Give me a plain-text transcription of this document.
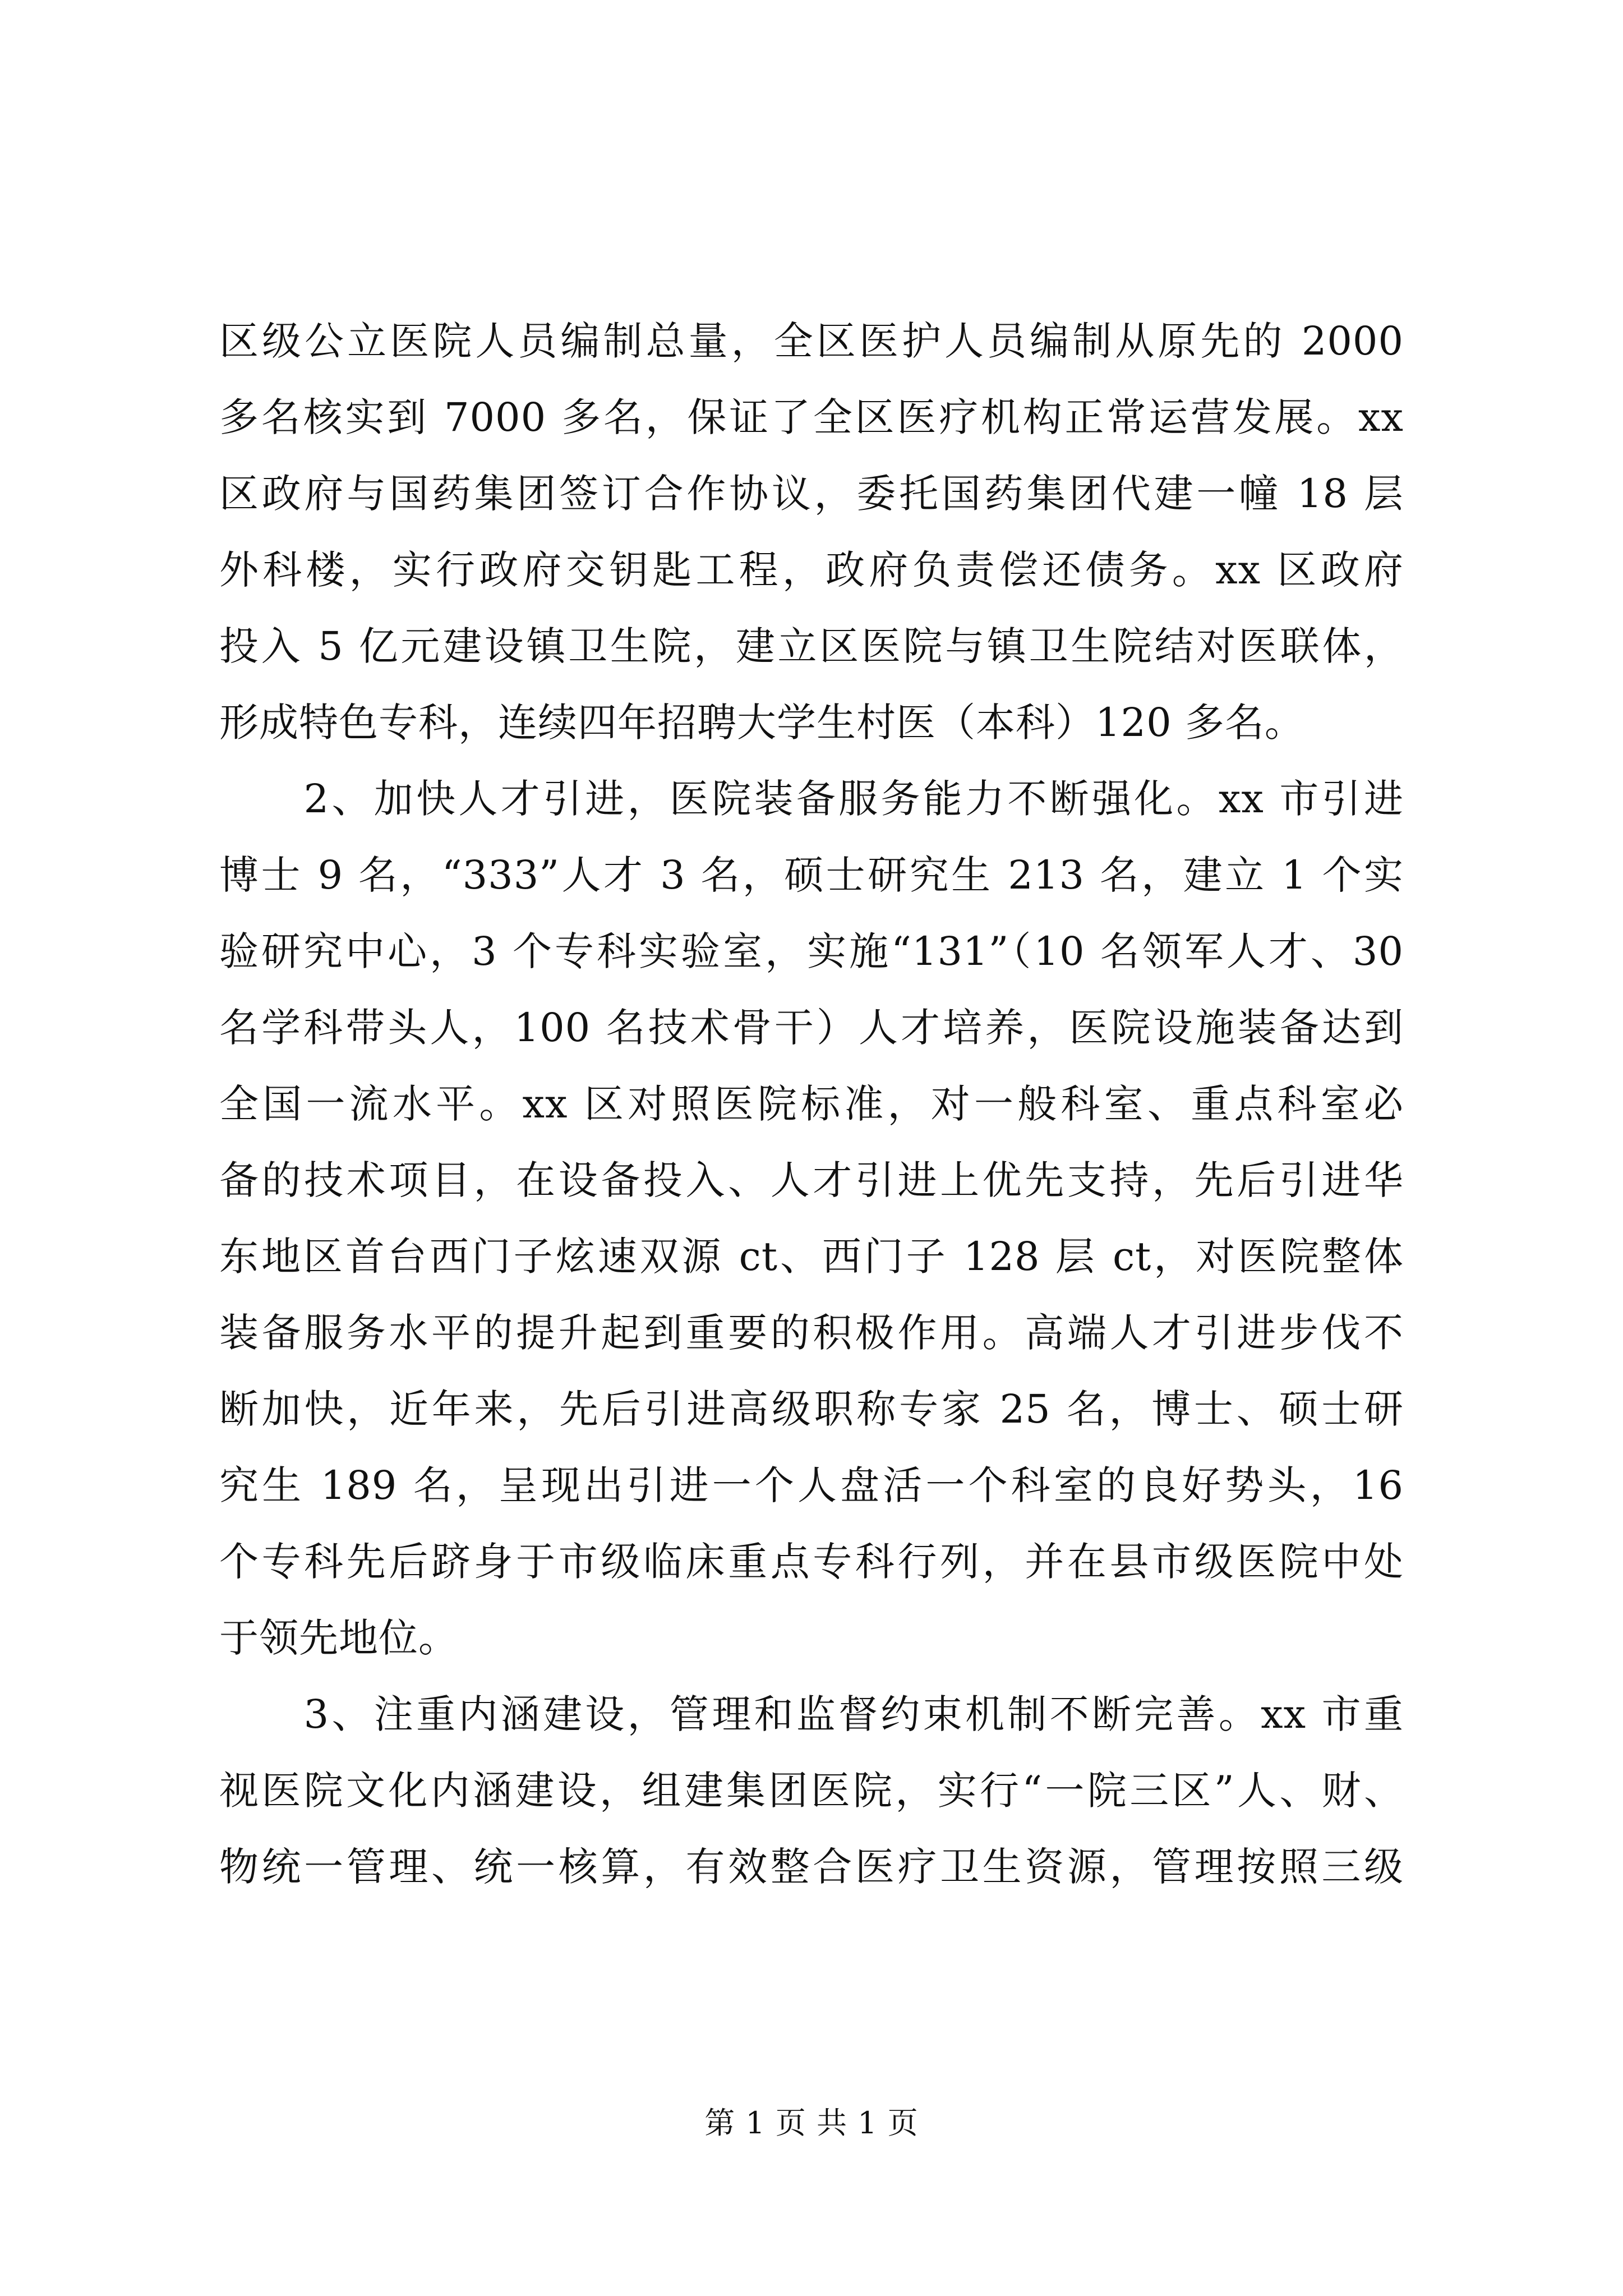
区级公立医院人员编制总量，全区医护人员编制从原先的 2000
多名核实到 7000 多名，保证了全区医疗机构正常运营发展。xx
区政府与国药集团签订合作协议，委托国药集团代建一幢 18 层
外科楼，实行政府交钥匙工程，政府负责偿还债务。xx 区政府
投入 5 亿元建设镇卫生院，建立区医院与镇卫生院结对医联体，
形成特色专科，连续四年招聘大学生村医（本科）120 多名。
　　2、加快人才引进，医院装备服务能力不断强化。xx 市引进
博士 9 名，“333”人才 3 名，硕士研究生 213 名，建立 1 个实
验研究中心，3 个专科实验室，实施“131”（10 名领军人才、30
名学科带头人，100 名技术骨干）人才培养，医院设施装备达到
全国一流水平。xx 区对照医院标准，对一般科室、重点科室必
备的技术项目，在设备投入、人才引进上优先支持，先后引进华
东地区首台西门子炫速双源 ct、西门子 128 层 ct，对医院整体
装备服务水平的提升起到重要的积极作用。高端人才引进步伐不
断加快，近年来，先后引进高级职称专家 25 名，博士、硕士研
究生 189 名，呈现出引进一个人盘活一个科室的良好势头，16
个专科先后跻身于市级临床重点专科行列，并在县市级医院中处
于领先地位。
　　3、注重内涵建设，管理和监督约束机制不断完善。xx 市重
视医院文化内涵建设，组建集团医院，实行“一院三区”人、财、
物统一管理、统一核算，有效整合医疗卫生资源，管理按照三级
第 1 页 共 1 页
